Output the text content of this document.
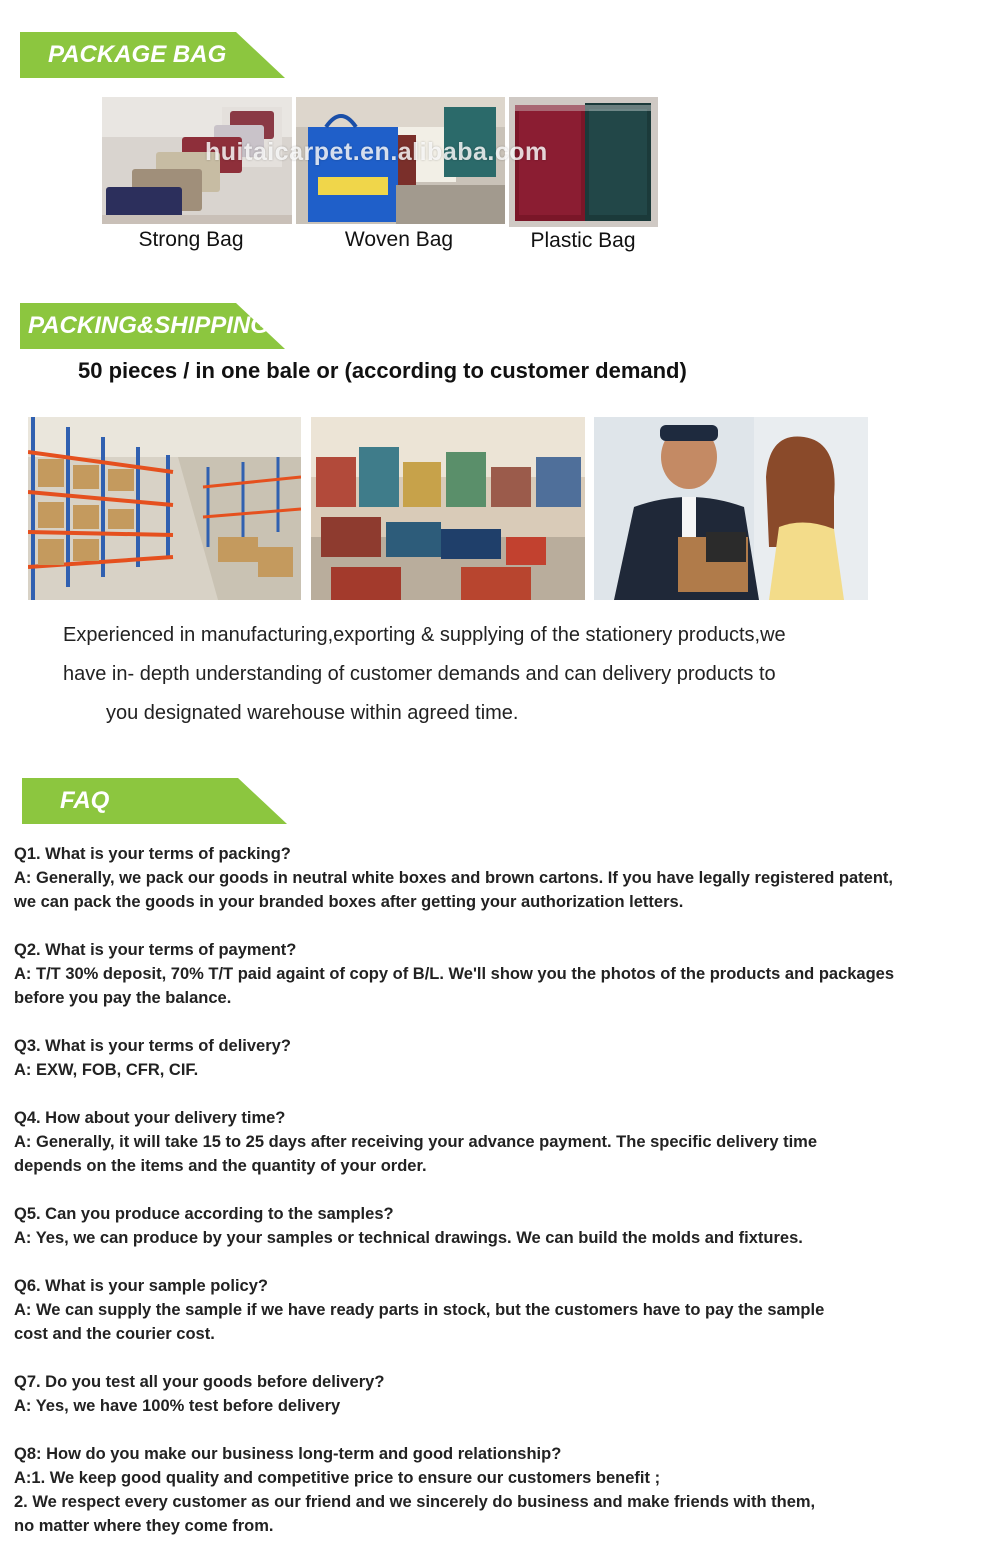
PACKAGE BAG
huitaicarpet.en.alibaba.com
Strong Bag	Woven Bag	Plastic Bag
PACKING&SHIPPING
50 pieces / in one bale or (according to customer demand)
Experienced in manufacturing,exporting & supplying of the stationery products,we
have in- depth understanding of customer demands and can delivery products to
you designated warehouse within agreed time.
FAQ
Q1. What is your terms of packing?
A: Generally, we pack our goods in neutral white boxes and brown cartons. If you have legally registered patent,
we can pack the goods in your branded boxes after getting your authorization letters.
Q2. What is your terms of payment?
A: T/T 30% deposit, 70% T/T paid againt of copy of B/L. We'll show you the photos of the products and packages
before you pay the balance.
Q3. What is your terms of delivery?
A: EXW, FOB, CFR, CIF.
Q4. How about your delivery time?
A: Generally, it will take 15 to 25 days after receiving your advance payment. The specific delivery time
depends on the items and the quantity of your order.
Q5. Can you produce according to the samples?
A: Yes, we can produce by your samples or technical drawings. We can build the molds and fixtures.
Q6. What is your sample policy?
A: We can supply the sample if we have ready parts in stock, but the customers have to pay the sample
cost and the courier cost.
Q7. Do you test all your goods before delivery?
A: Yes, we have 100% test before delivery
Q8: How do you make our business long-term and good relationship?
A:1. We keep good quality and competitive price to ensure our customers benefit ;
2. We respect every customer as our friend and we sincerely do business and make friends with them,
no matter where they come from.
